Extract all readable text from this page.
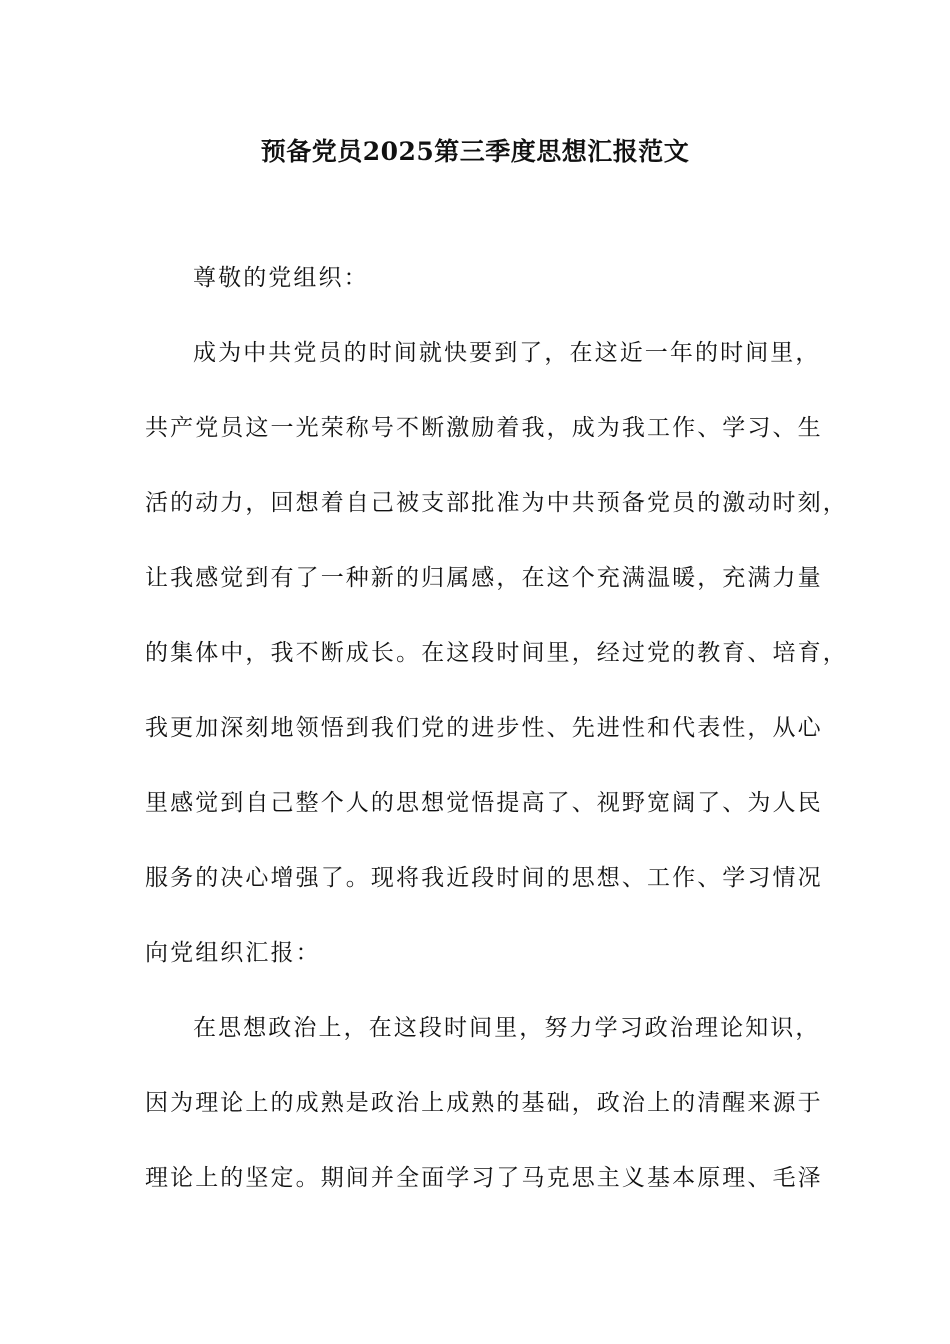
预备党员2025第三季度思想汇报范文
尊敬的党组织：
成为中共党员的时间就快要到了，在这近一年的时间里，
共产党员这一光荣称号不断激励着我，成为我工作、学习、生
活的动力，回想着自己被支部批准为中共预备党员的激动时刻，
让我感觉到有了一种新的归属感，在这个充满温暖，充满力量
的集体中，我不断成长。在这段时间里，经过党的教育、培育，
我更加深刻地领悟到我们党的进步性、先进性和代表性，从心
里感觉到自己整个人的思想觉悟提高了、视野宽阔了、为人民
服务的决心增强了。现将我近段时间的思想、工作、学习情况
向党组织汇报：
在思想政治上，在这段时间里，努力学习政治理论知识，
因为理论上的成熟是政治上成熟的基础，政治上的清醒来源于
理论上的坚定。期间并全面学习了马克思主义基本原理、毛泽
